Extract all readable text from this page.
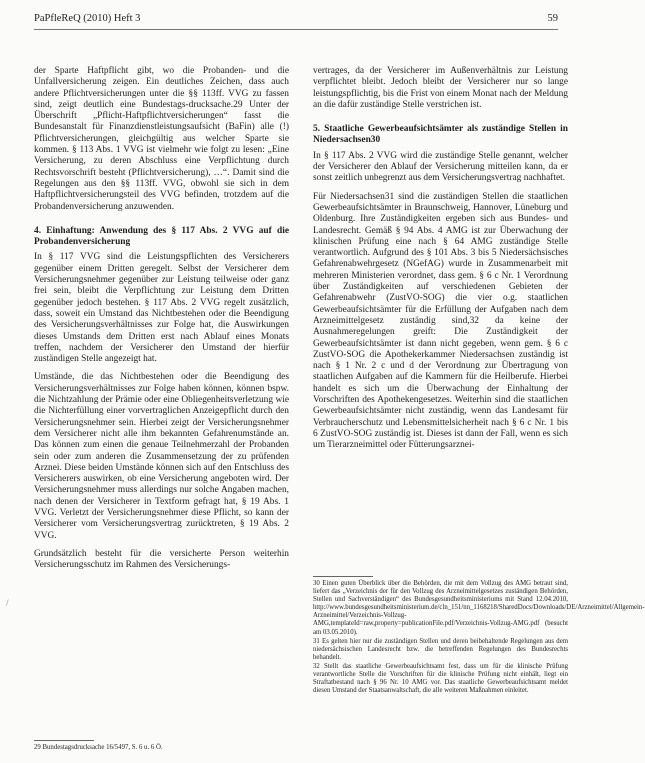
PaPfleReQ (2010) Heft 3	59

der Sparte Haftpflicht gibt, wo die Probanden- und die Unfallversicherung zeigen. Ein deutliches Zeichen, dass auch andere Pflichtversicherungen unter die §§ 113ff. VVG zu fassen sind, zeigt deutlich eine Bundestags-drucksache.29 Unter der Überschrift „Pflicht-Haftpflichtversicherungen“ fasst die Bundesanstalt für Finanzdienstleistungsaufsicht (BaFin) alle (!) Pflichtversicherungen, gleichgültig aus welcher Sparte sie kommen. § 113 Abs. 1 VVG ist vielmehr wie folgt zu lesen: „Eine Versicherung, zu deren Abschluss eine Verpflichtung durch Rechtsvorschrift besteht (Pflichtversicherung), …“. Damit sind die Regelungen aus den §§ 113ff. VVG, obwohl sie sich in dem Haftpflichtversicherungsteil des VVG befinden, trotzdem auf die Probandenversicherung anzuwenden.

4. Einhaftung: Anwendung des § 117 Abs. 2 VVG auf die Probandenversicherung

In § 117 VVG sind die Leistungspflichten des Versicherers gegenüber einem Dritten geregelt. Selbst der Versicherer dem Versicherungsnehmer gegenüber zur Leistung teilweise oder ganz frei sein, bleibt die Verpflichtung zur Leistung dem Dritten gegenüber jedoch bestehen. § 117 Abs. 2 VVG regelt zusätzlich, dass, soweit ein Umstand das Nichtbestehen oder die Beendigung des Versicherungsverhältnisses zur Folge hat, die Auswirkungen dieses Umstands dem Dritten erst nach Ablauf eines Monats treffen, nachdem der Versicherer den Umstand der hierfür zuständigen Stelle angezeigt hat.

Umstände, die das Nichtbestehen oder die Beendigung des Versicherungsverhältnisses zur Folge haben können, können bspw. die Nichtzahlung der Prämie oder eine Obliegenheitsverletzung wie die Nichterfüllung einer vorvertraglichen Anzeigepflicht durch den Versicherungsnehmer sein. Hierbei zeigt der Versicherungsnehmer dem Versicherer nicht alle ihm bekannten Gefahrenumstände an. Das können zum einen die genaue Teilnehmerzahl der Probanden sein oder zum anderen die Zusammensetzung der zu prüfenden Arznei. Diese beiden Umstände können sich auf den Entschluss des Versicherers auswirken, ob eine Versicherung angeboten wird. Der Versicherungsnehmer muss allerdings nur solche Angaben machen, nach denen der Versicherer in Textform gefragt hat, § 19 Abs. 1 VVG. Verletzt der Versicherungsnehmer diese Pflicht, so kann der Versicherer vom Versicherungsvertrag zurücktreten, § 19 Abs. 2 VVG.

Grundsätzlich besteht für die versicherte Person weiterhin Versicherungsschutz im Rahmen des Versicherungs-

29 Bundestagsdrucksache 16/5497, S. 6 u. 6 Ö.

vertrages, da der Versicherer im Außenverhältnis zur Leistung verpflichtet bleibt. Jedoch bleibt der Versicherer nur so lange leistungspflichtig, bis die Frist von einem Monat nach der Meldung an die dafür zuständige Stelle verstrichen ist.

5. Staatliche Gewerbeaufsichtsämter als zuständige Stellen in Niedersachsen30

In § 117 Abs. 2 VVG wird die zuständige Stelle genannt, welcher der Versicherer den Ablauf der Versicherung mitteilen kann, da er sonst zeitlich unbegrenzt aus dem Versicherungsvertrag nachhaftet.

Für Niedersachsen31 sind die zuständigen Stellen die staatlichen Gewerbeaufsichtsämter in Braunschweig, Hannover, Lüneburg und Oldenburg. Ihre Zuständigkeiten ergeben sich aus Bundes- und Landesrecht. Gemäß § 94 Abs. 4 AMG ist zur Überwachung der klinischen Prüfung eine nach § 64 AMG zuständige Stelle verantwortlich. Aufgrund des § 101 Abs. 3 bis 5 Niedersächsisches Gefahrenabwehrgesetz (NGefAG) wurde in Zusammenarbeit mit mehreren Ministerien verordnet, dass gem. § 6 c Nr. 1 Verordnung über Zuständigkeiten auf verschiedenen Gebieten der Gefahrenabwehr (ZustVO-SOG) die vier o.g. staatlichen Gewerbeaufsichtsämter für die Erfüllung der Aufgaben nach dem Arzneimittelgesetz zuständig sind,32 da keine der Ausnahmeregelungen greift: Die Zuständigkeit der Gewerbeaufsichtsämter ist dann nicht gegeben, wenn gem. § 6 c ZustVO-SOG die Apothekerkammer Niedersachsen zuständig ist nach § 1 Nr. 2 c und d der Verordnung zur Übertragung von staatlichen Aufgaben auf die Kammern für die Heilberufe. Hierbei handelt es sich um die Überwachung der Einhaltung der Vorschriften des Apothekengesetzes. Weiterhin sind die staatlichen Gewerbeaufsichtsämter nicht zuständig, wenn das Landesamt für Verbraucherschutz und Lebensmittelsicherheit nach § 6 c Nr. 1 bis 6 ZustVO-SOG zuständig ist. Dieses ist dann der Fall, wenn es sich um Tierarzneimittel oder Fütterungsarznei-

30 Einen guten Überblick über die Behörden, die mit dem Vollzug des AMG betraut sind, liefert das „Verzeichnis der für den Vollzug des Arzneimittelgesetzes zuständigen Behörden, Stellen und Sachverständigen“ des Bundesgesundheitsministeriums mit Stand 12.04.2010, http://www.bundesgesundheitsministerium.de/cln_151/nn_1168218/SharedDocs/Downloads/DE/Arzneimittel/Allgemein-Arzneimittel/Verzeichnis-Vollzug-AMG,templateId=raw,property=publicationFile.pdf/Verzeichnis-Vollzug-AMG.pdf (besucht am 03.05.2010).

31 Es gelten hier nur die zuständigen Stellen und deren beibehaltende Regelungen aus dem niedersächsischen Landesrecht bzw. die betreffenden Regelungen des Bundesrechts behandelt.

32 Stellt das staatliche Gewerbeaufsichtsamt fest, dass um für die klinische Prüfung verantwortliche Stelle die Vorschriften für die klinische Prüfung nicht einhält, liegt ein Straftatbestand nach § 96 Nr. 10 AMG vor. Das staatliche Gewerbeaufsichtsamt meldet diesen Umstand der Staatsanwaltschaft, die alle weiteren Maßnahmen einleitet.

/
